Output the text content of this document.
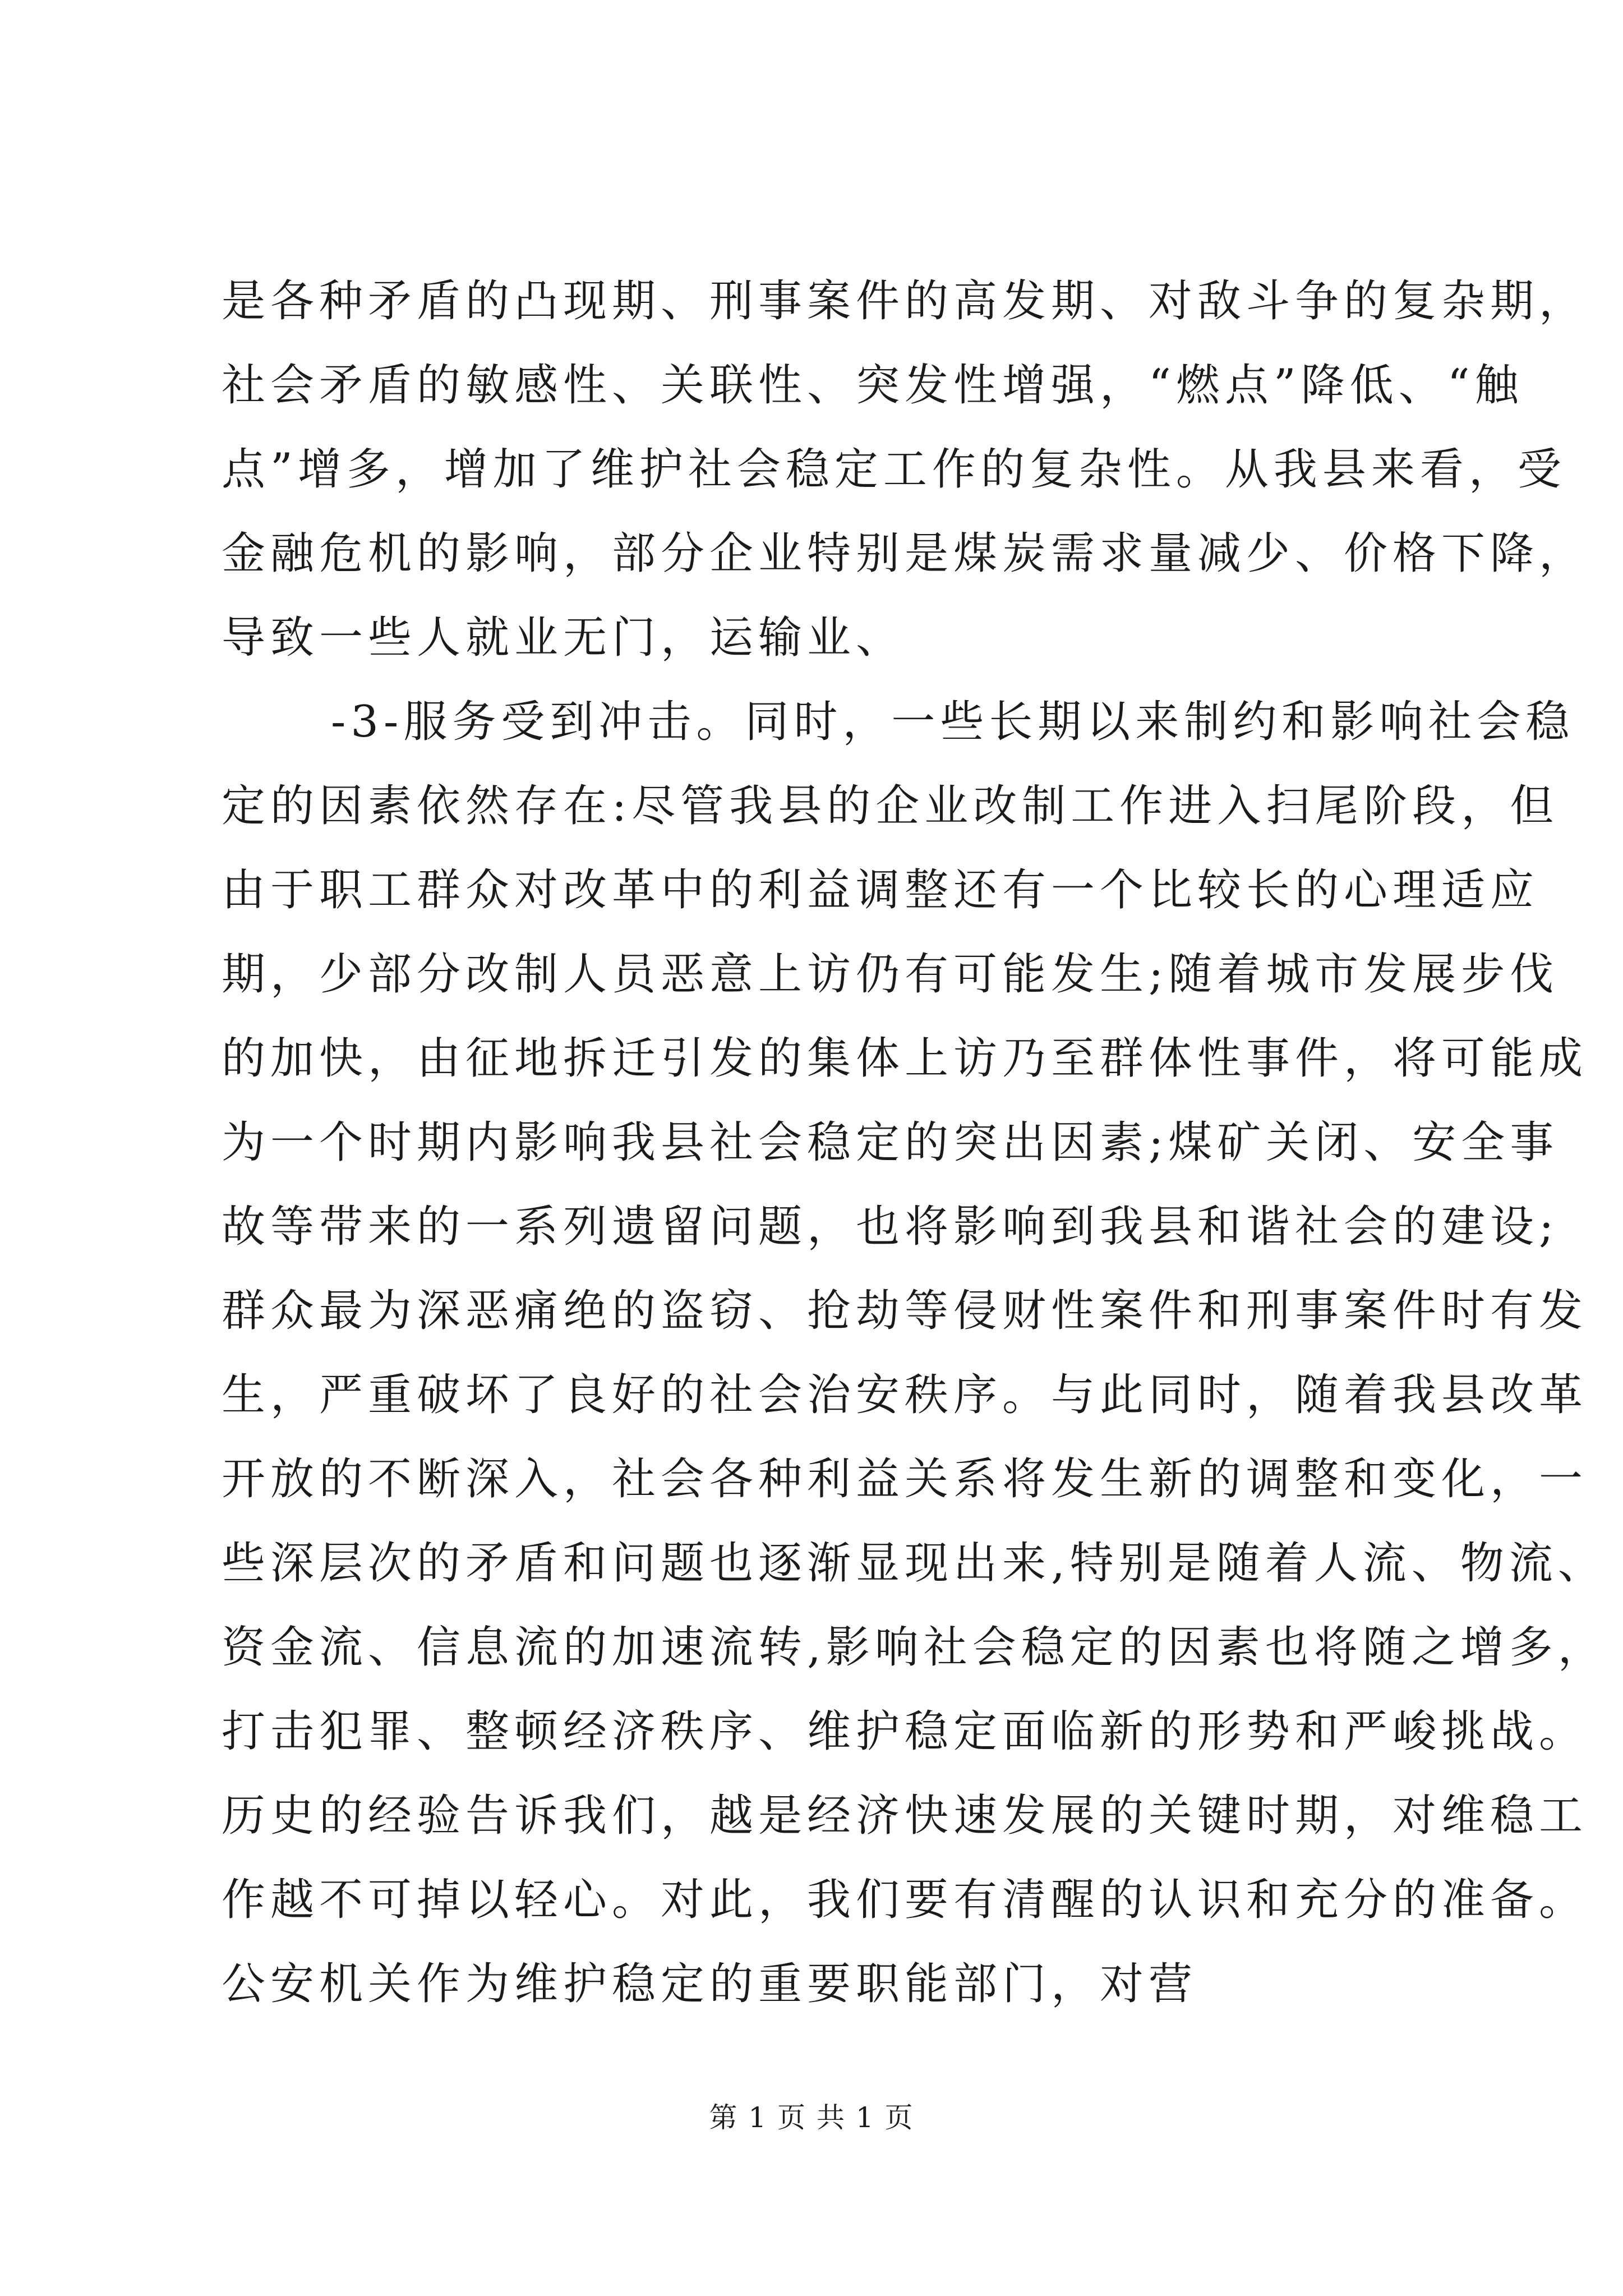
是各种矛盾的凸现期、刑事案件的高发期、对敌斗争的复杂期，
社会矛盾的敏感性、关联性、突发性增强，“燃点”降低、“触
点”增多，增加了维护社会稳定工作的复杂性。从我县来看，受
金融危机的影响，部分企业特别是煤炭需求量减少、价格下降，
导致一些人就业无门，运输业、
-3-服务受到冲击。同时，一些长期以来制约和影响社会稳
定的因素依然存在:尽管我县的企业改制工作进入扫尾阶段，但
由于职工群众对改革中的利益调整还有一个比较长的心理适应
期，少部分改制人员恶意上访仍有可能发生;随着城市发展步伐
的加快，由征地拆迁引发的集体上访乃至群体性事件，将可能成
为一个时期内影响我县社会稳定的突出因素;煤矿关闭、安全事
故等带来的一系列遗留问题，也将影响到我县和谐社会的建设;
群众最为深恶痛绝的盗窃、抢劫等侵财性案件和刑事案件时有发
生，严重破坏了良好的社会治安秩序。与此同时，随着我县改革
开放的不断深入，社会各种利益关系将发生新的调整和变化，一
些深层次的矛盾和问题也逐渐显现出来,特别是随着人流、物流、
资金流、信息流的加速流转,影响社会稳定的因素也将随之增多，
打击犯罪、整顿经济秩序、维护稳定面临新的形势和严峻挑战。
历史的经验告诉我们，越是经济快速发展的关键时期，对维稳工
作越不可掉以轻心。对此，我们要有清醒的认识和充分的准备。
公安机关作为维护稳定的重要职能部门，对营
第 1 页 共 1 页
